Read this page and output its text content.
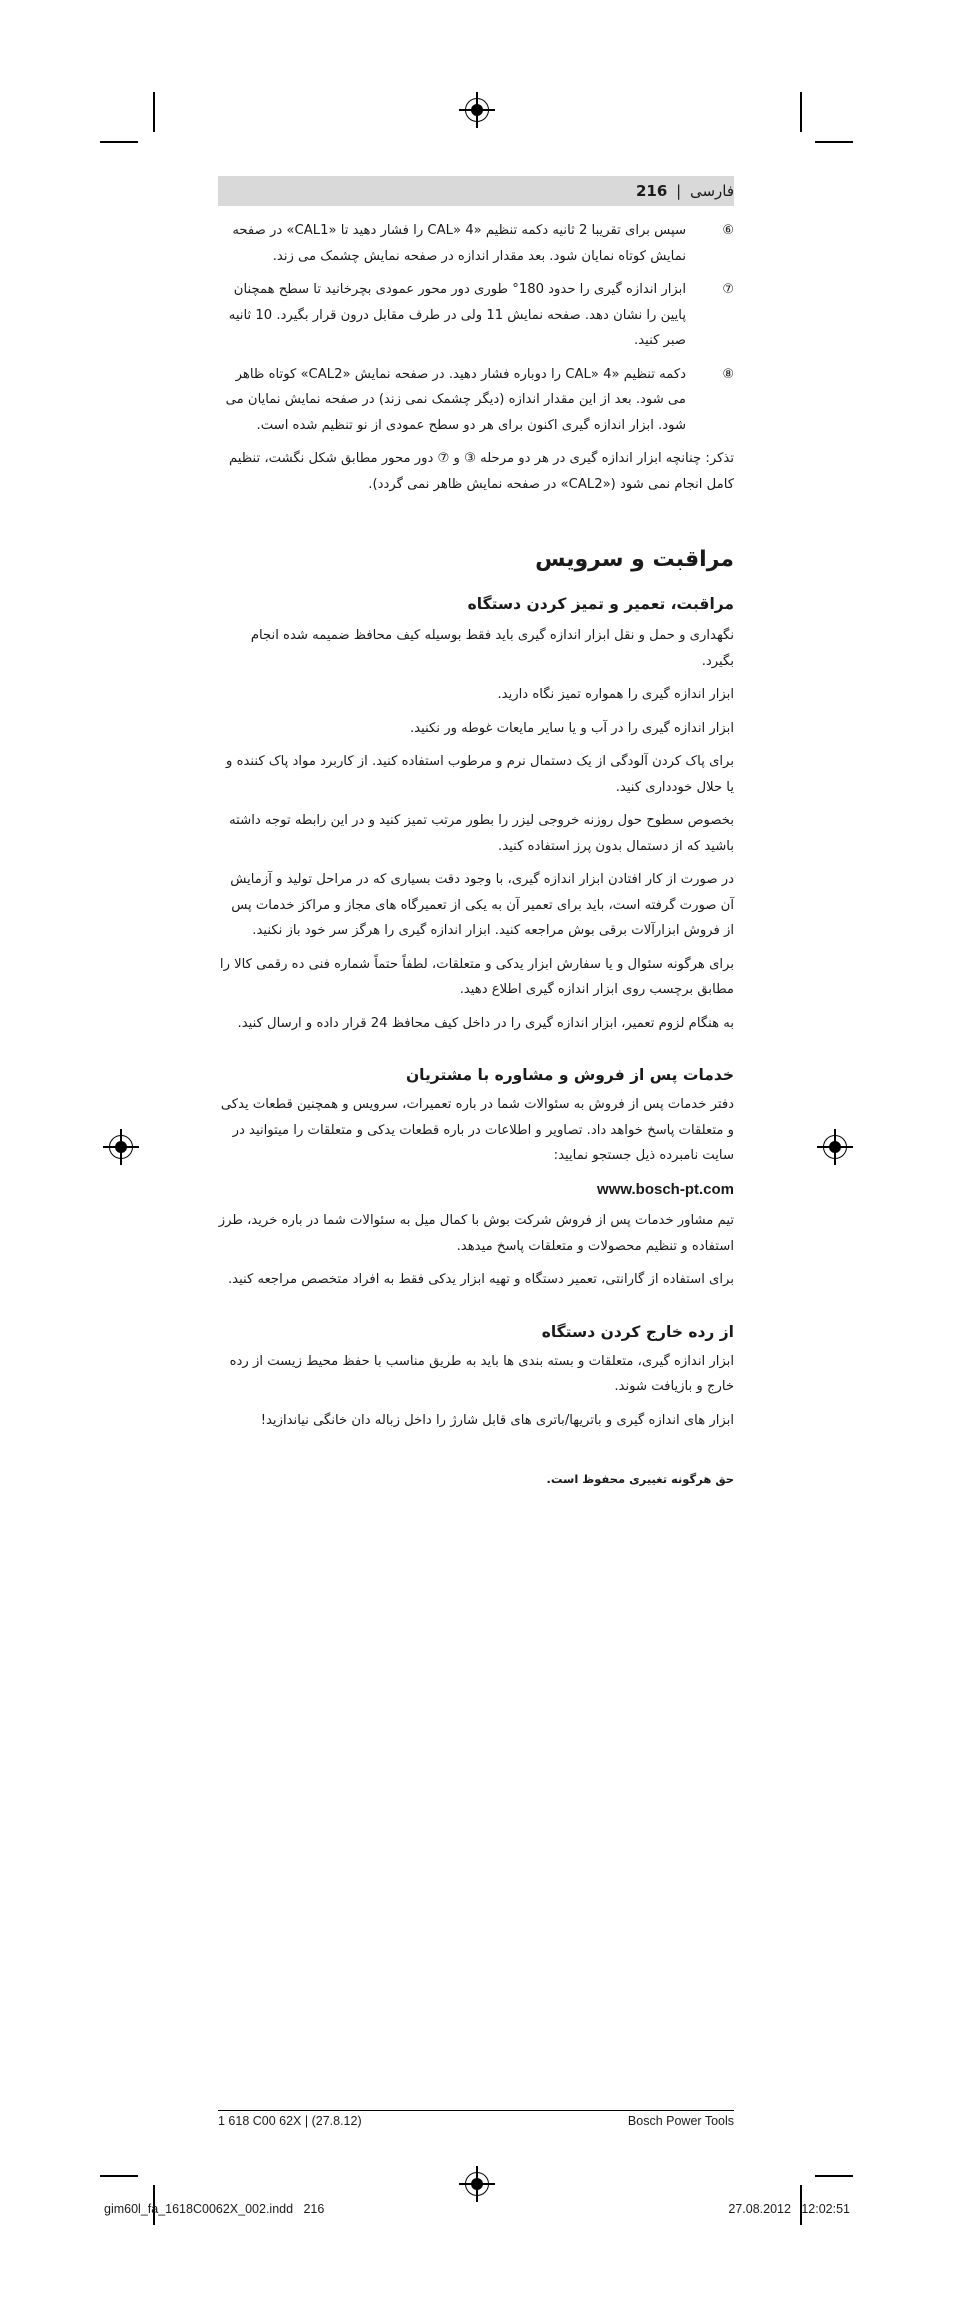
فارسی | 216
⑥

سپس برای تقریبا 2 ثانیه دکمه تنظیم «CAL» 4 را فشار دهید تا «CAL1» در صفحه نمایش کوتاه نمایان شود. بعد مقدار اندازه در صفحه نمایش چشمک می زند.

⑦

ابزار اندازه گیری را حدود 180° طوری دور محور عمودی بچرخانید تا سطح همچنان پایین را نشان دهد. صفحه نمایش 11 ولی در طرف مقابل درون قرار بگیرد. 10 ثانیه صبر کنید.

⑧

دکمه تنظیم «CAL» 4 را دوباره فشار دهید. در صفحه نمایش «CAL2» کوتاه ظاهر می شود. بعد از این مقدار اندازه (دیگر چشمک نمی زند) در صفحه نمایش نمایان می شود. ابزار اندازه گیری اکنون برای هر دو سطح عمودی از نو تنظیم شده است.

تذکر: چنانچه ابزار اندازه گیری در هر دو مرحله ③ و ⑦ دور محور مطابق شکل نگشت، تنظیم کامل انجام نمی شود («CAL2» در صفحه نمایش ظاهر نمی گردد).

مراقبت و سرویس
مراقبت، تعمیر و تمیز کردن دستگاه

نگهداری و حمل و نقل ابزار اندازه گیری باید فقط بوسیله کیف محافظ ضمیمه شده انجام بگیرد.

ابزار اندازه گیری را همواره تمیز نگاه دارید.

ابزار اندازه گیری را در آب و یا سایر مایعات غوطه ور نکنید.

برای پاک کردن آلودگی از یک دستمال نرم و مرطوب استفاده کنید. از کاربرد مواد پاک کننده و یا حلال خودداری کنید.

بخصوص سطوح حول روزنه خروجی لیزر را بطور مرتب تمیز کنید و در این رابطه توجه داشته باشید که از دستمال بدون پرز استفاده کنید.

در صورت از کار افتادن ابزار اندازه گیری، با وجود دقت بسیاری که در مراحل تولید و آزمایش آن صورت گرفته است، باید برای تعمیر آن به یکی از تعمیرگاه های مجاز و مراکز خدمات پس از فروش ابزارآلات برقی بوش مراجعه کنید. ابزار اندازه گیری را هرگز سر خود باز نکنید.

برای هرگونه سئوال و یا سفارش ابزار یدکی و متعلقات، لطفاً حتماً شماره فنی ده رقمی کالا را مطابق برچسب روی ابزار اندازه گیری اطلاع دهید.

به هنگام لزوم تعمیر، ابزار اندازه گیری را در داخل کیف محافظ 24 قرار داده و ارسال کنید.

خدمات پس از فروش و مشاوره با مشتریان

دفتر خدمات پس از فروش به سئوالات شما در باره تعمیرات، سرویس و همچنین قطعات یدکی و متعلقات پاسخ خواهد داد. تصاویر و اطلاعات در باره قطعات یدکی و متعلقات را میتوانید در سایت نامبرده ذیل جستجو نمایید:

www.bosch-pt.com

تیم مشاور خدمات پس از فروش شرکت بوش با کمال میل به سئوالات شما در باره خرید، طرز استفاده و تنظیم محصولات و متعلقات پاسخ میدهد.

برای استفاده از گارانتی، تعمیر دستگاه و تهیه ابزار یدکی فقط به افراد متخصص مراجعه کنید.

از رده خارج کردن دستگاه

ابزار اندازه گیری، متعلقات و بسته بندی ها باید به طریق مناسب با حفظ محیط زیست از رده خارج و بازیافت شوند.

ابزار های اندازه گیری و باتریها/باتری های قابل شارژ را داخل زباله دان خانگی نیاندازید!

حق هرگونه تغییری محفوظ است.

1 618 C00 62X | (27.8.12)	Bosch Power Tools
gim60l_fa_1618C0062X_002.indd   216	27.08.2012   12:02:51
